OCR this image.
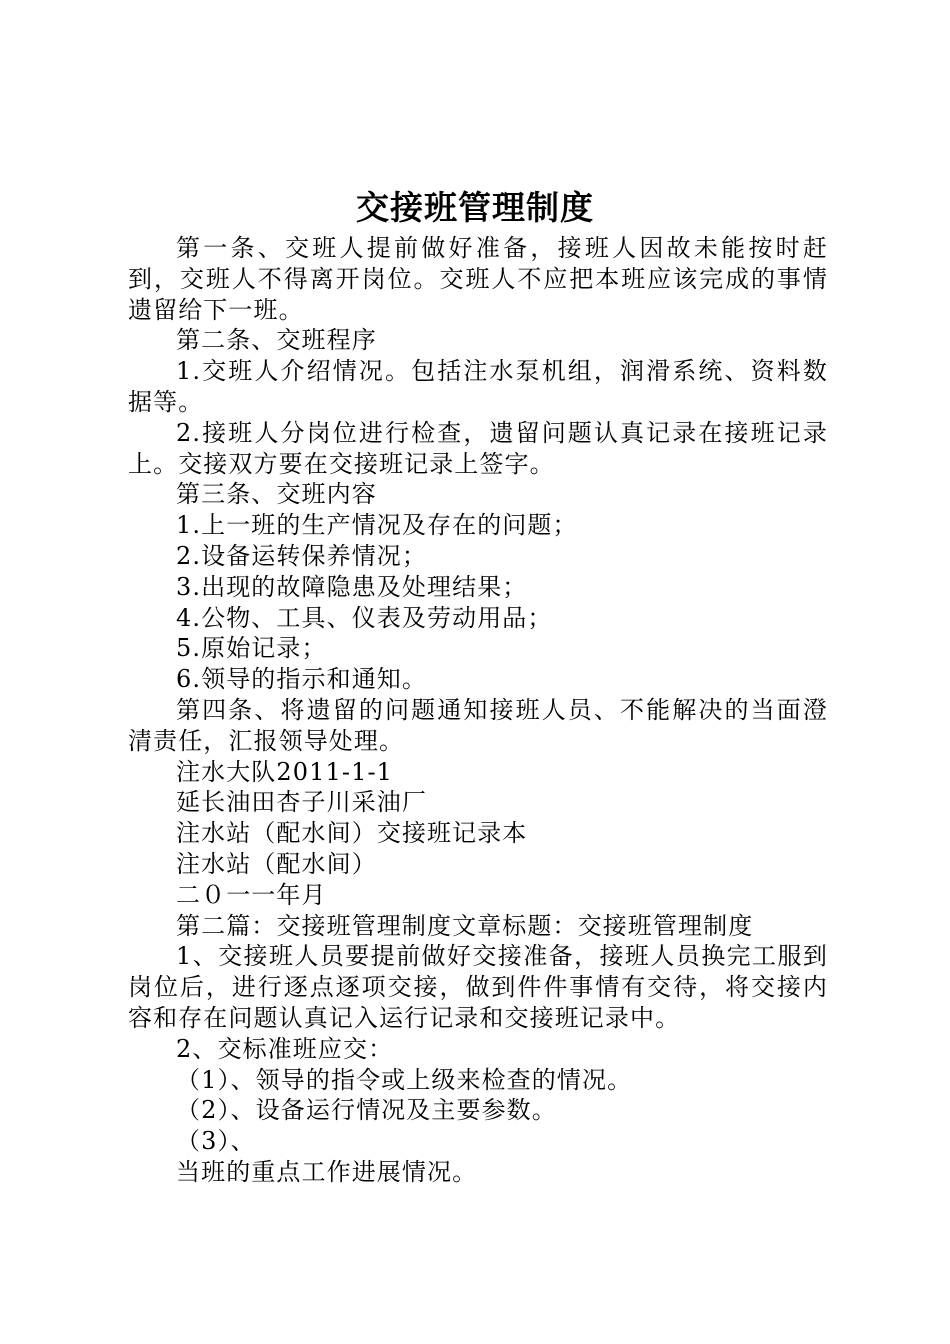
交接班管理制度

第一条、交班人提前做好准备，接班人因故未能按时赶到，交班人不得离开岗位。交班人不应把本班应该完成的事情遗留给下一班。

第二条、交班程序

1.交班人介绍情况。包括注水泵机组，润滑系统、资料数据等。

2.接班人分岗位进行检查，遗留问题认真记录在接班记录上。交接双方要在交接班记录上签字。

第三条、交班内容

1.上一班的生产情况及存在的问题；

2.设备运转保养情况；

3.出现的故障隐患及处理结果；

4.公物、工具、仪表及劳动用品；

5.原始记录；

6.领导的指示和通知。

第四条、将遗留的问题通知接班人员、不能解决的当面澄清责任，汇报领导处理。

注水大队2011-1-1

延长油田杏子川采油厂

注水站（配水间）交接班记录本

注水站（配水间）

二０一一年月

第二篇：交接班管理制度文章标题：交接班管理制度

1、交接班人员要提前做好交接准备，接班人员换完工服到岗位后，进行逐点逐项交接，做到件件事情有交待，将交接内容和存在问题认真记入运行记录和交接班记录中。

2、交标准班应交：

（1）、领导的指令或上级来检查的情况。

（2）、设备运行情况及主要参数。

（3）、

当班的重点工作进展情况。
